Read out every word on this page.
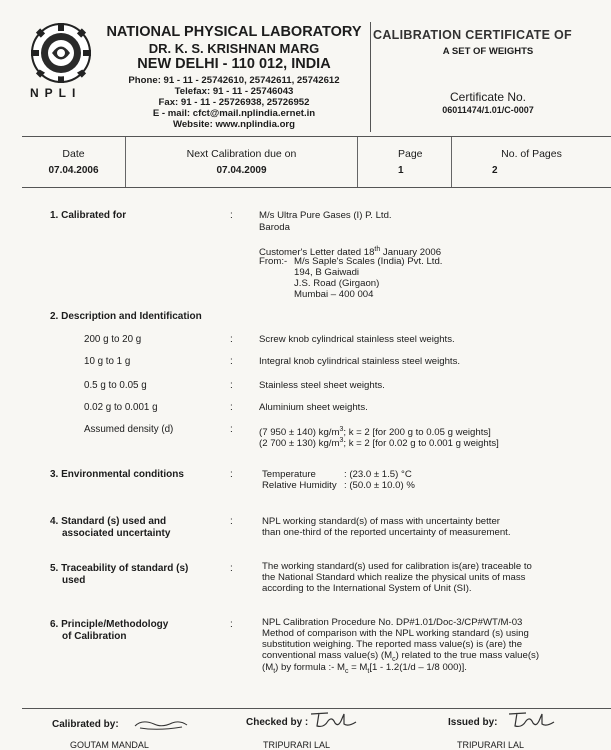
NPLI
NATIONAL PHYSICAL LABORATORY
DR. K. S. KRISHNAN MARG
NEW DELHI - 110 012, INDIA
Phone: 91 - 11 - 25742610, 25742611, 25742612
Telefax: 91 - 11 - 25746043
Fax: 91 - 11 - 25726938, 25726952
E - mail: cfct@mail.nplindia.ernet.in
Website: www.nplindia.org
CALIBRATION CERTIFICATE OF
A SET OF WEIGHTS
Certificate No.
06011474/1.01/C-0007
Date
07.04.2006
Next Calibration due on
07.04.2009
Page
1
No. of Pages
2
1. Calibrated for	:	M/s Ultra Pure Gases (I) P. Ltd.
Baroda
Customer's Letter dated 18th January 2006
From:- M/s Saple's Scales (India) Pvt. Ltd.
194, B Gaiwadi
J.S. Road (Girgaon)
Mumbai – 400 004
2. Description and Identification
200 g to 20 g	:	Screw knob cylindrical stainless steel weights.
10 g to 1 g	:	Integral knob cylindrical stainless steel weights.
0.5 g to 0.05 g	:	Stainless steel sheet weights.
0.02 g to 0.001 g	:	Aluminium sheet weights.
Assumed density (d)	:	(7 950 ± 140) $kg/m^3$; k = 2 [for 200 g to 0.05 g weights]
(2 700 ± 130) $kg/m^3$; k = 2 [for 0.02 g to 0.001 g weights]
3. Environmental conditions	:	Temperature	: (23.0 ± 1.5) °C
Relative Humidity : (50.0 ± 10.0) %
4. Standard (s) used and
associated uncertainty
:	NPL working standard(s) of mass with uncertainty better
than one-third of the reported uncertainty of measurement.
5. Traceability of standard (s)
used
:	The working standard(s) used for calibration is(are) traceable to
the National Standard which realize the physical units of mass
according to the International System of Unit (SI).
6. Principle/Methodology
of Calibration
:	NPL Calibration Procedure No. DP#1.01/Doc-3/CP#WT/M-03
Method of comparison with the NPL working standard (s) using
substitution weighing. The reported mass value(s) is (are) the
conventional mass value(s) $(M_c)$ related to the true mass value(s)
$(M_t)$ by formula :- $M_c = M_t[1 - 1.2(1/d - 1/8$ 000)].
Calibrated by:
GOUTAM MANDAL
Checked by :
TRIPURARI LAL
Issued by:
TRIPURARI LAL
